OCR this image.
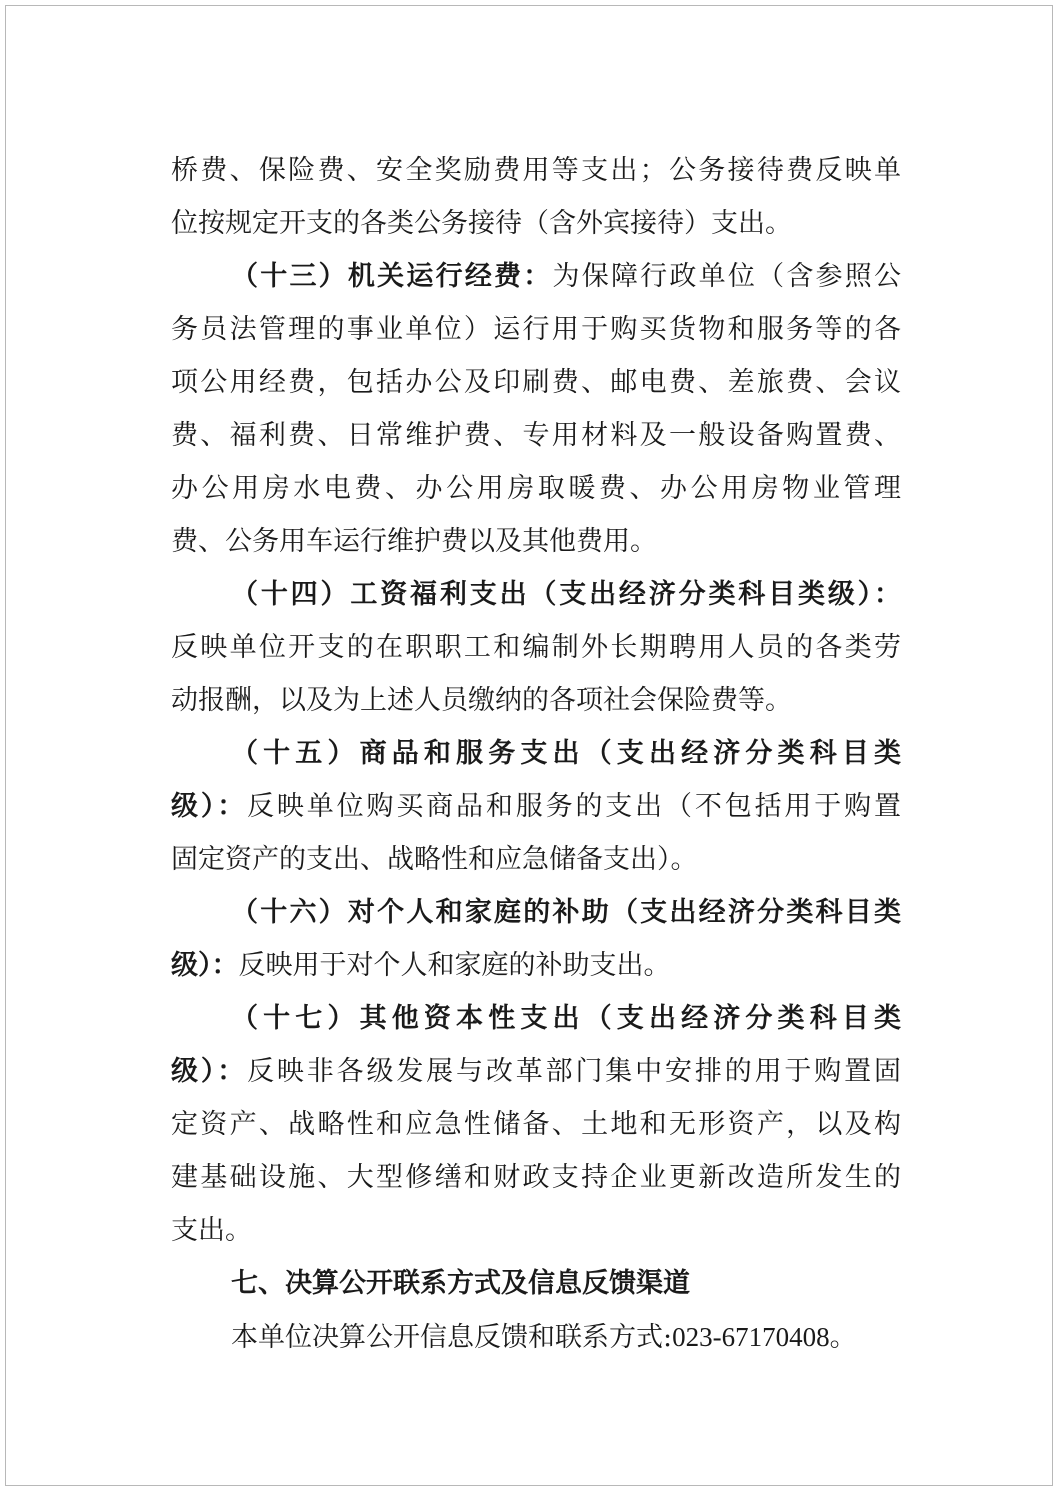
桥费、保险费、安全奖励费用等支出；公务接待费反映单
位按规定开支的各类公务接待（含外宾接待）支出。
（十三）机关运行经费：为保障行政单位（含参照公
务员法管理的事业单位）运行用于购买货物和服务等的各
项公用经费，包括办公及印刷费、邮电费、差旅费、会议
费、福利费、日常维护费、专用材料及一般设备购置费、
办公用房水电费、办公用房取暖费、办公用房物业管理
费、公务用车运行维护费以及其他费用。
（十四）工资福利支出（支出经济分类科目类级）：
反映单位开支的在职职工和编制外长期聘用人员的各类劳
动报酬，以及为上述人员缴纳的各项社会保险费等。
（十五）商品和服务支出（支出经济分类科目类
级）：反映单位购买商品和服务的支出（不包括用于购置
固定资产的支出、战略性和应急储备支出）。
（十六）对个人和家庭的补助（支出经济分类科目类
级）：反映用于对个人和家庭的补助支出。
（十七）其他资本性支出（支出经济分类科目类
级）：反映非各级发展与改革部门集中安排的用于购置固
定资产、战略性和应急性储备、土地和无形资产，以及构
建基础设施、大型修缮和财政支持企业更新改造所发生的
支出。
七、决算公开联系方式及信息反馈渠道
本单位决算公开信息反馈和联系方式:023-67170408。
